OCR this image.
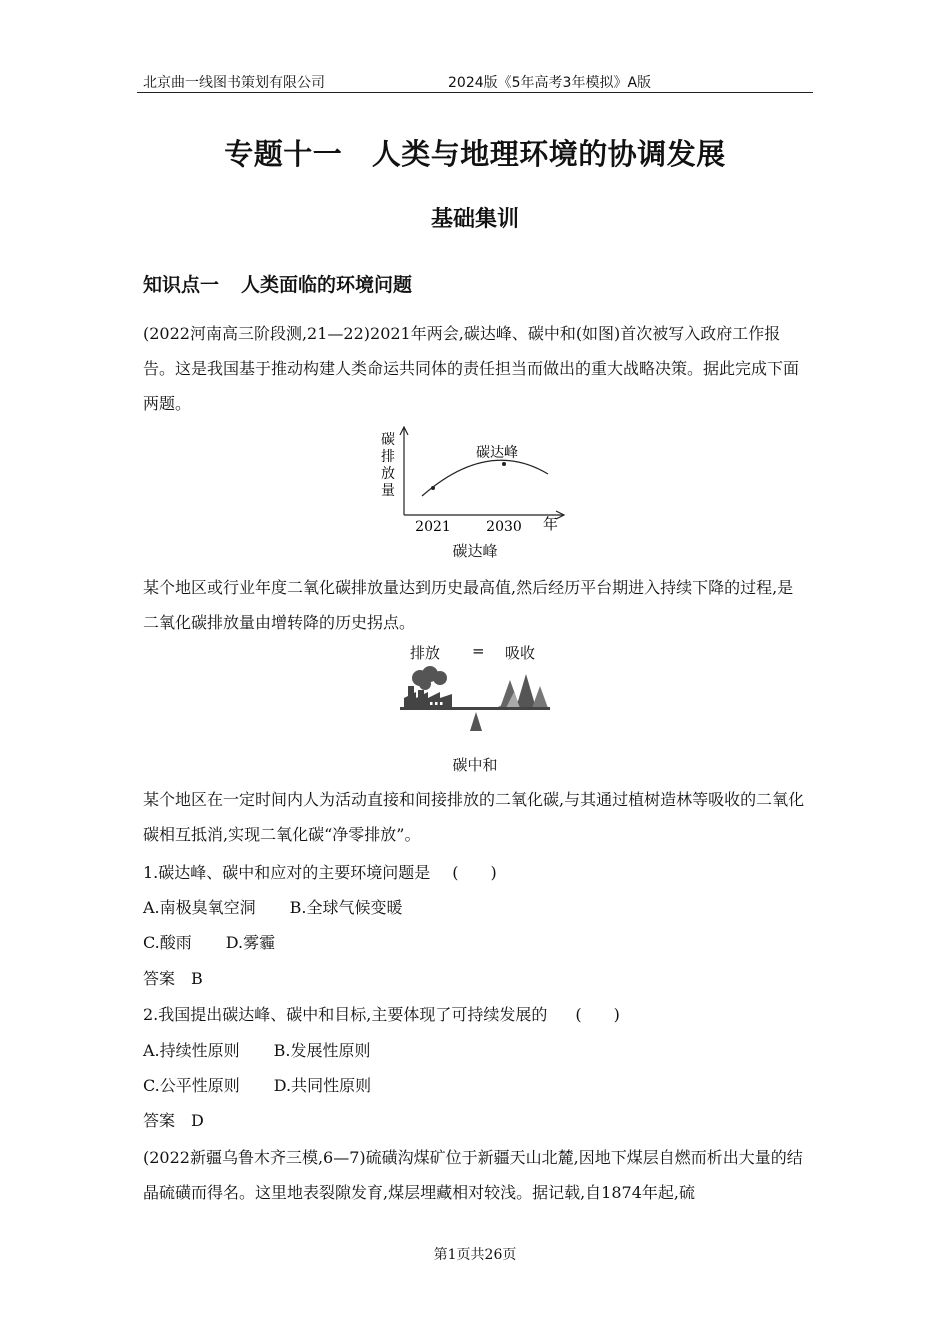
北京曲一线图书策划有限公司	2024版《5年高考3年模拟》A版
专题十一　人类与地理环境的协调发展
基础集训
知识点一 人类面临的环境问题
(2022河南高三阶段测,21—22)2021年两会,碳达峰、碳中和(如图)首次被写入政府工作报告。这是我国基于推动构建人类命运共同体的责任担当而做出的重大战略决策。据此完成下面两题。
碳
排
放
量
碳达峰
2021	2030 年
碳达峰
某个地区或行业年度二氧化碳排放量达到历史最高值,然后经历平台期进入持续下降的过程,是二氧化碳排放量由增转降的历史拐点。
排放 = 吸收
碳中和
某个地区在一定时间内人为活动直接和间接排放的二氧化碳,与其通过植树造林等吸收的二氧化碳相互抵消,实现二氧化碳“净零排放”。
1.碳达峰、碳中和应对的主要环境问题是 (　　)
A.南极臭氧空洞 B.全球气候变暖
C.酸雨 D.雾霾
答案 B
2.我国提出碳达峰、碳中和目标,主要体现了可持续发展的 (　　)
A.持续性原则 B.发展性原则
C.公平性原则 D.共同性原则
答案 D
(2022新疆乌鲁木齐三模,6—7)硫磺沟煤矿位于新疆天山北麓,因地下煤层自燃而析出大量的结晶硫磺而得名。这里地表裂隙发育,煤层埋藏相对较浅。据记载,自1874年起,硫
第1页共26页
